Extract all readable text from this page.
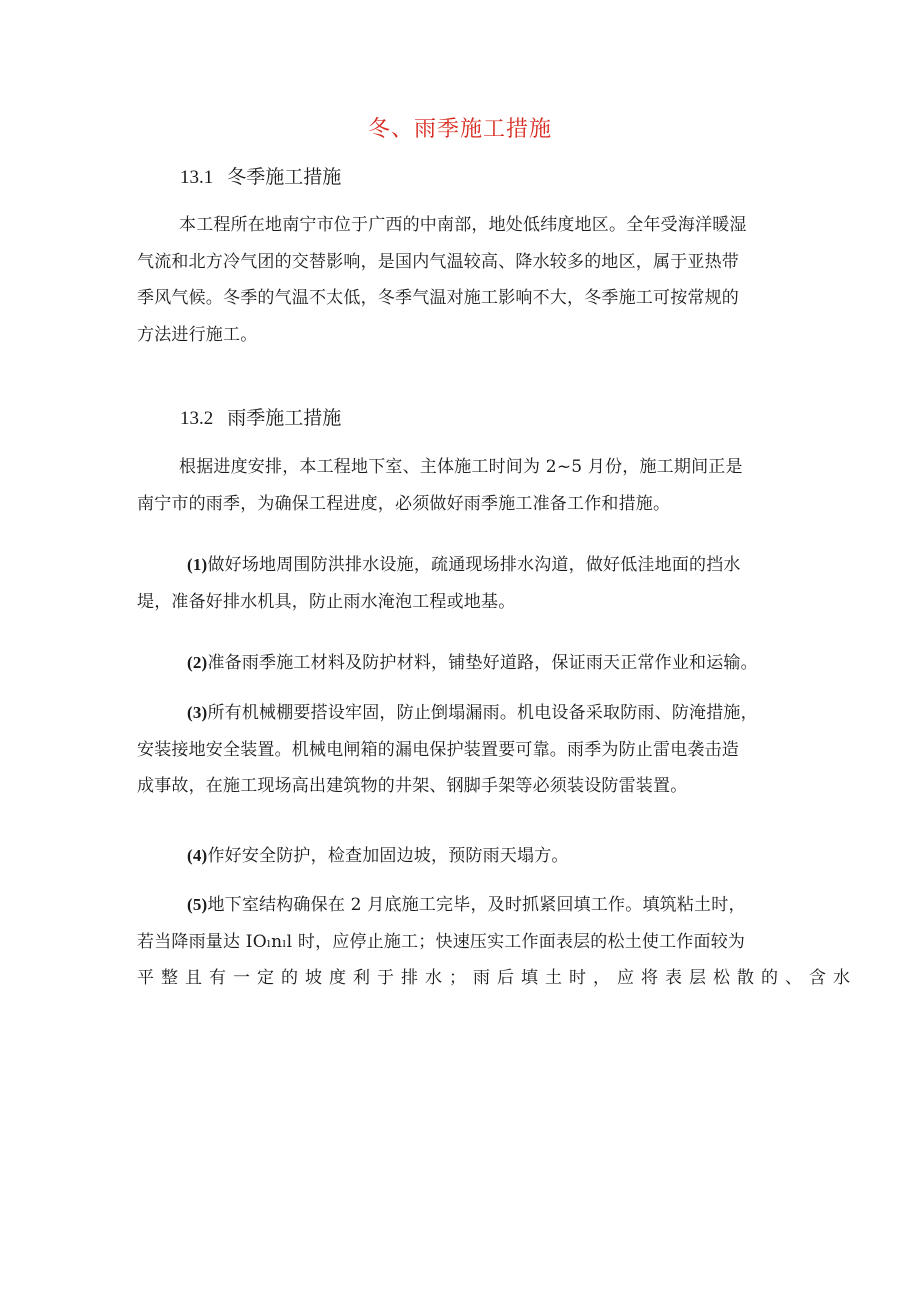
冬、雨季施工措施
13.1 冬季施工措施
本工程所在地南宁市位于广西的中南部，地处低纬度地区。全年受海洋暖湿
气流和北方冷气团的交替影响，是国内气温较高、降水较多的地区，属于亚热带
季风气候。冬季的气温不太低，冬季气温对施工影响不大，冬季施工可按常规的
方法进行施工。
13.2 雨季施工措施
根据进度安排，本工程地下室、主体施工时间为 2~5 月份，施工期间正是
南宁市的雨季，为确保工程进度，必须做好雨季施工准备工作和措施。
(1)做好场地周围防洪排水设施，疏通现场排水沟道，做好低洼地面的挡水
堤，准备好排水机具，防止雨水淹泡工程或地基。
(2)准备雨季施工材料及防护材料，铺垫好道路，保证雨天正常作业和运输。
(3)所有机械棚要搭设牢固，防止倒塌漏雨。机电设备采取防雨、防淹措施，
安装接地安全装置。机械电闸箱的漏电保护装置要可靠。雨季为防止雷电袭击造
成事故，在施工现场高出建筑物的井架、钢脚手架等必须装设防雷装置。
(4)作好安全防护，检查加固边坡，预防雨天塌方。
(5)地下室结构确保在 2 月底施工完毕，及时抓紧回填工作。填筑粘土时，
若当降雨量达 IOₗnₗl 时，应停止施工；快速压实工作面表层的松土使工作面较为
平整且有一定的坡度利于排水；雨后填土时，应将表层松散的、含水
